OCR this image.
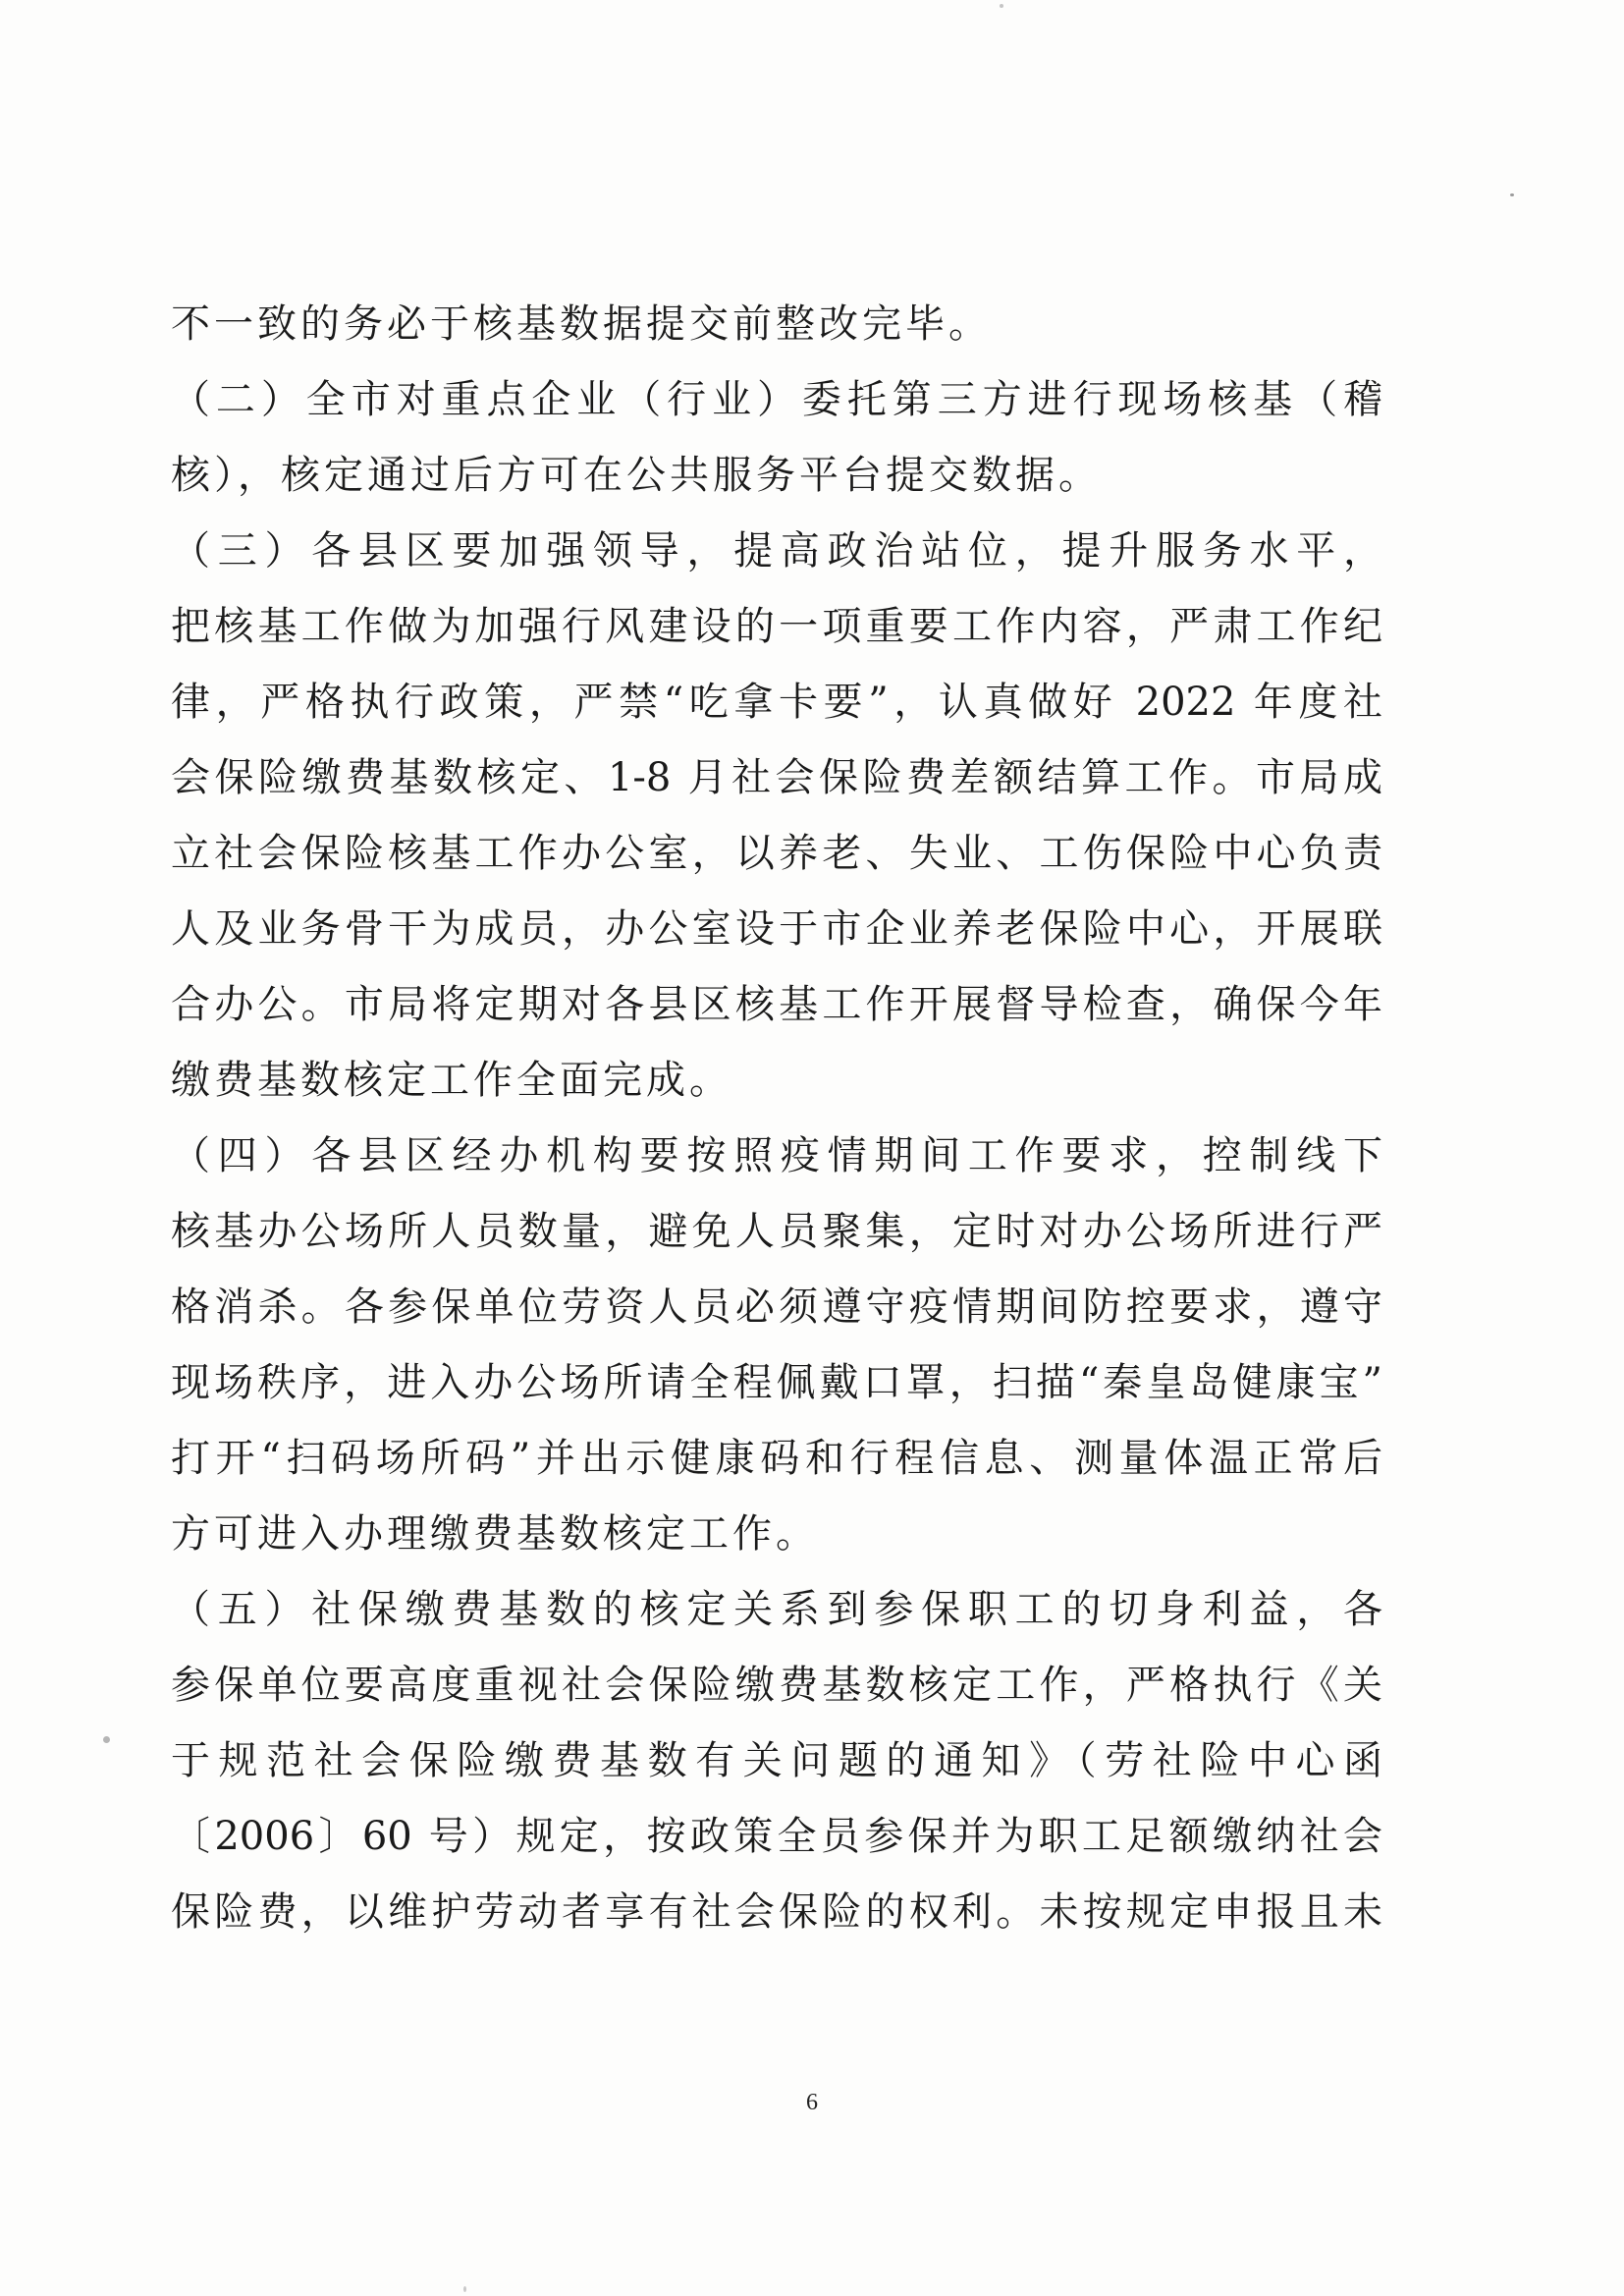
不一致的务必于核基数据提交前整改完毕。
（二）全市对重点企业（行业）委托第三方进行现场核基（稽
核），核定通过后方可在公共服务平台提交数据。
（三）各县区要加强领导，提高政治站位，提升服务水平，
把核基工作做为加强行风建设的一项重要工作内容，严肃工作纪
律，严格执行政策，严禁“吃拿卡要”，认真做好 2022 年度社
会保险缴费基数核定、1-8 月社会保险费差额结算工作。市局成
立社会保险核基工作办公室，以养老、失业、工伤保险中心负责
人及业务骨干为成员，办公室设于市企业养老保险中心，开展联
合办公。市局将定期对各县区核基工作开展督导检查，确保今年
缴费基数核定工作全面完成。
（四）各县区经办机构要按照疫情期间工作要求，控制线下
核基办公场所人员数量，避免人员聚集，定时对办公场所进行严
格消杀。各参保单位劳资人员必须遵守疫情期间防控要求，遵守
现场秩序，进入办公场所请全程佩戴口罩，扫描“秦皇岛健康宝”
打开“扫码场所码”并出示健康码和行程信息、测量体温正常后
方可进入办理缴费基数核定工作。
（五）社保缴费基数的核定关系到参保职工的切身利益，各
参保单位要高度重视社会保险缴费基数核定工作，严格执行《关
于规范社会保险缴费基数有关问题的通知》（劳社险中心函
〔2006〕60 号）规定，按政策全员参保并为职工足额缴纳社会
保险费，以维护劳动者享有社会保险的权利。未按规定申报且未
6
